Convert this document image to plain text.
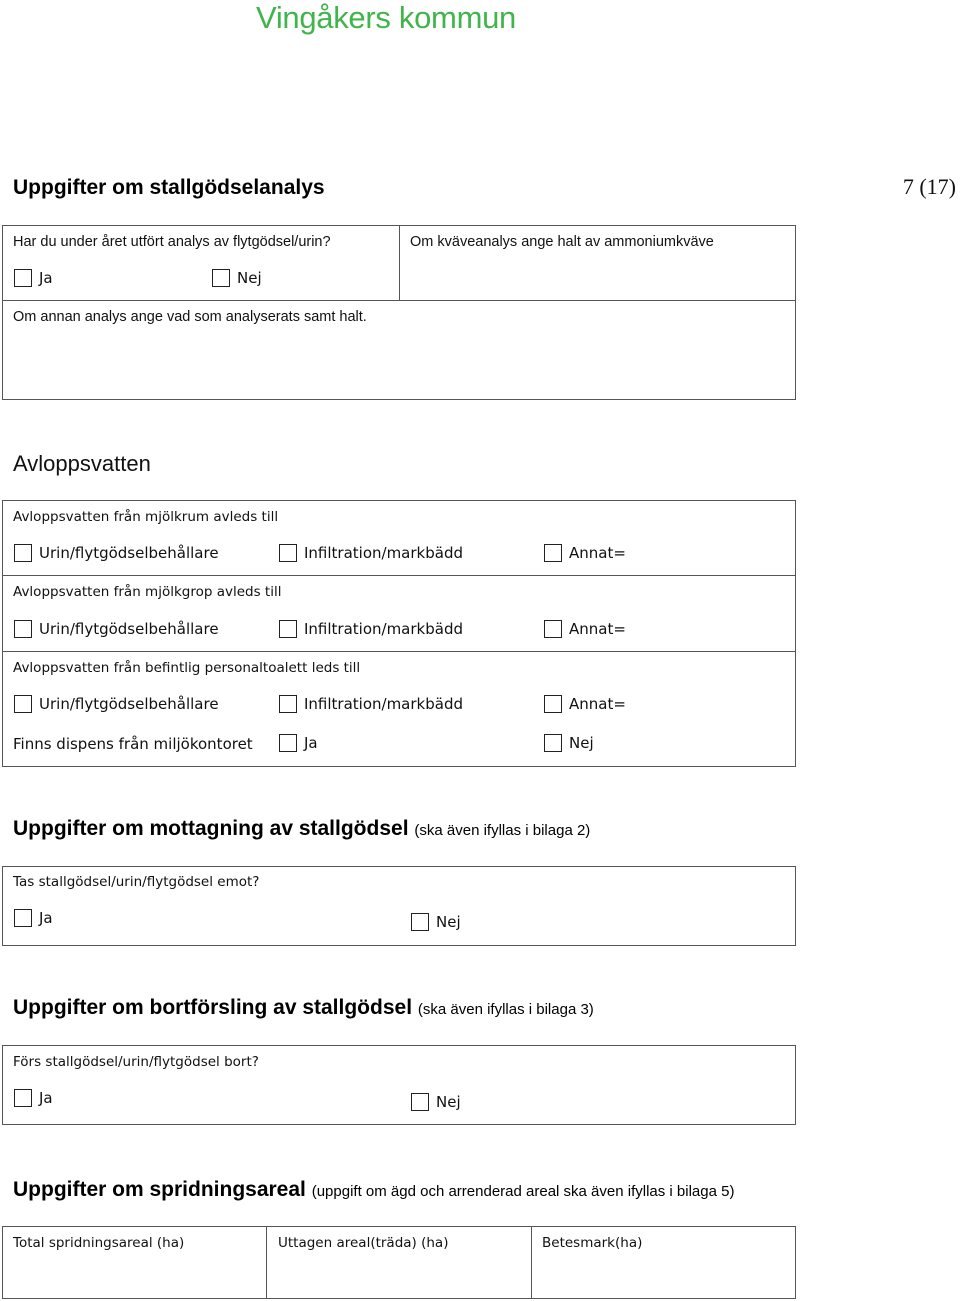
Vingåkers kommun
Uppgifter om stallgödselanalys	7 (17)
Har du under året utfört analys av flytgödsel/urin?	Om kväveanalys ange halt av ammoniumkväve
Ja	Nej
Om annan analys ange vad som analyserats samt halt.
Avloppsvatten
Avloppsvatten från mjölkrum avleds till
Urin/flytgödselbehållare	Infiltration/markbädd	Annat=
Avloppsvatten från mjölkgrop avleds till
Urin/flytgödselbehållare	Infiltration/markbädd	Annat=
Avloppsvatten från befintlig personaltoalett leds till
Urin/flytgödselbehållare	Infiltration/markbädd	Annat=
Finns dispens från miljökontoret	Ja	Nej
Uppgifter om mottagning av stallgödsel (ska även ifyllas i bilaga 2)
Tas stallgödsel/urin/flytgödsel emot?
Ja	Nej
Uppgifter om bortförsling av stallgödsel (ska även ifyllas i bilaga 3)
Förs stallgödsel/urin/flytgödsel bort?
Ja	Nej
Uppgifter om spridningsareal (uppgift om ägd och arrenderad areal ska även ifyllas i bilaga 5)
Total spridningsareal (ha)	Uttagen areal(träda) (ha)	Betesmark(ha)
